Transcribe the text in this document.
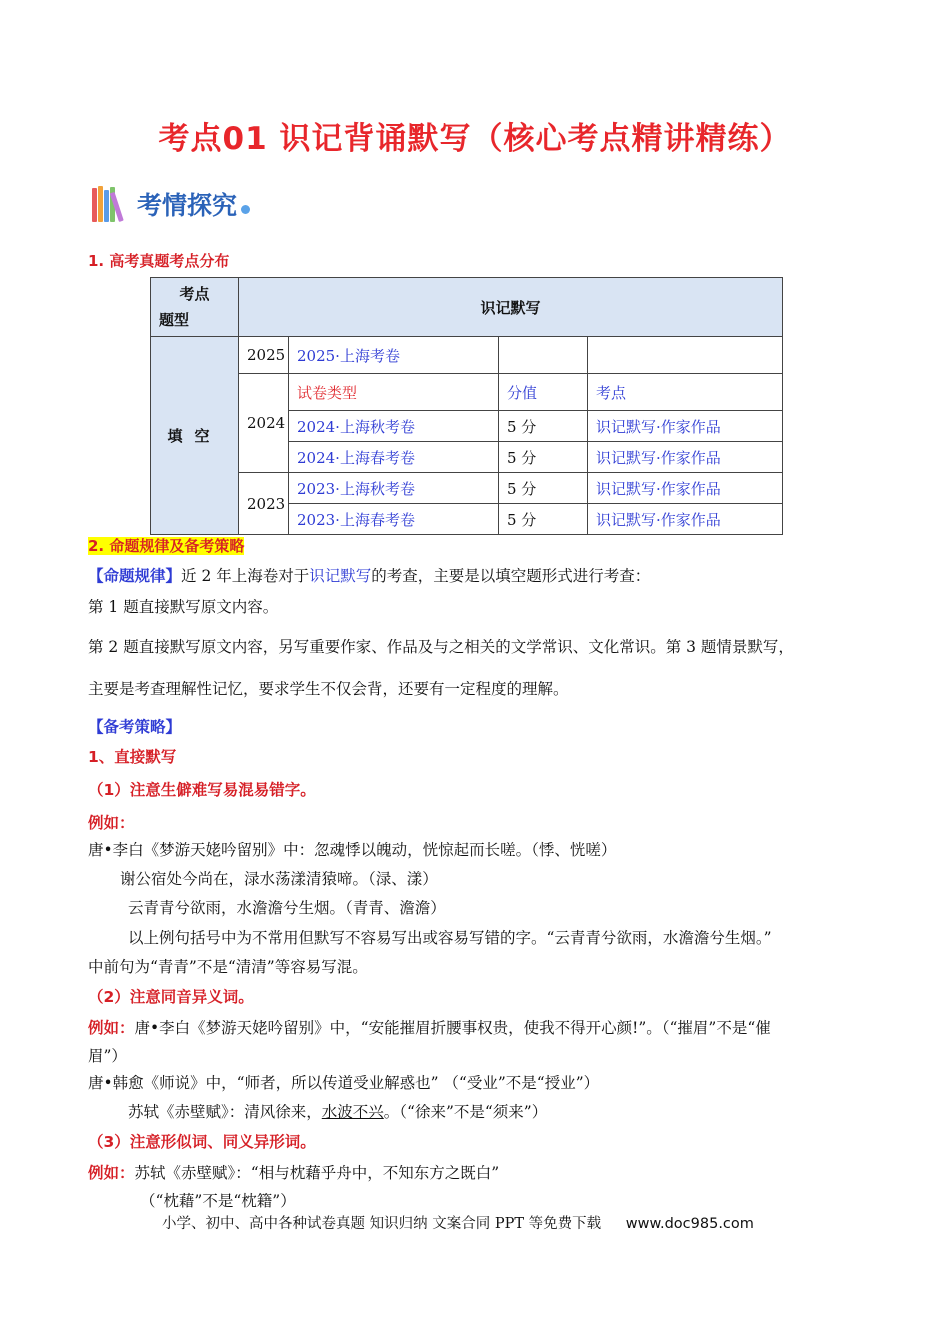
考点01 识记背诵默写（核心考点精讲精练）
考情探究
1. 高考真题考点分布
考点
题型	识记默写			
填空	2025	2025·上海考卷		
	2024	试卷类型	分值	考点
		2024·上海秋考卷	5 分	识记默写·作家作品
		2024·上海春考卷	5 分	识记默写·作家作品
	2023	2023·上海秋考卷	5 分	识记默写·作家作品
		2023·上海春考卷	5 分	识记默写·作家作品
2. 命题规律及备考策略
【命题规律】近 2 年上海卷对于识记默写的考查，主要是以填空题形式进行考查：
第 1 题直接默写原文内容。
第 2 题直接默写原文内容，另写重要作家、作品及与之相关的文学常识、文化常识。第 3 题情景默写，
主要是考查理解性记忆，要求学生不仅会背，还要有一定程度的理解。
【备考策略】
1、直接默写
（1）注意生僻难写易混易错字。
例如：
唐•李白《梦游天姥吟留别》中：忽魂悸以魄动，恍惊起而长嗟。（悸、恍嗟）
谢公宿处今尚在，渌水荡漾清猿啼。（渌、漾）
云青青兮欲雨，水澹澹兮生烟。（青青、澹澹）
以上例句括号中为不常用但默写不容易写出或容易写错的字。“云青青兮欲雨，水澹澹兮生烟。”
中前句为“青青”不是“清清”等容易写混。
（2）注意同音异义词。
例如：唐•李白《梦游天姥吟留别》中，“安能摧眉折腰事权贵，使我不得开心颜!”。（“摧眉”不是“催
眉”）
唐•韩愈《师说》中，“师者，所以传道受业解惑也” （“受业”不是“授业”）
苏轼《赤壁赋》：清风徐来，水波不兴。（“徐来”不是“须来”）
（3）注意形似词、同义异形词。
例如：苏轼《赤壁赋》：“相与枕藉乎舟中，不知东方之既白”
（“枕藉”不是“枕籍”）
小学、初中、高中各种试卷真题 知识归纳 文案合同 PPT 等免费下载 www.doc985.com
